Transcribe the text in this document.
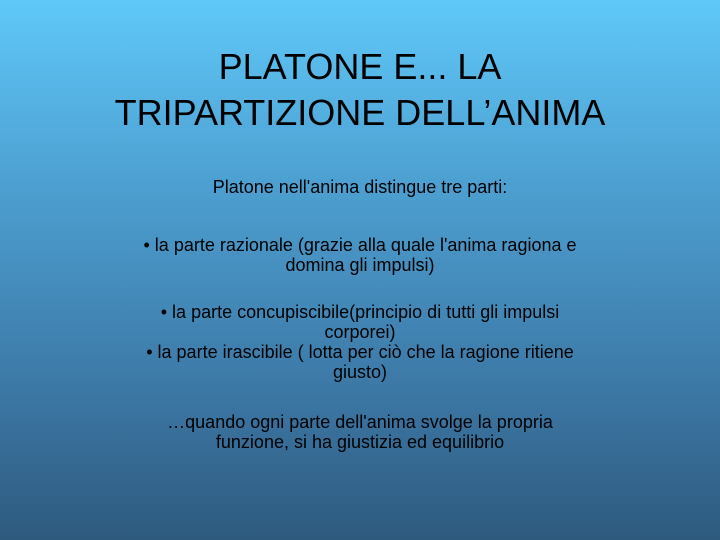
PLATONE E... LA
TRIPARTIZIONE DELL’ANIMA
Platone nell'anima distingue tre parti:
• la parte razionale (grazie alla quale l'anima ragiona e
domina gli impulsi)
• la parte concupiscibile(principio di tutti gli impulsi
corporei)
• la parte irascibile ( lotta per ciò che la ragione ritiene
giusto)
…quando ogni parte dell'anima svolge la propria
funzione, si ha giustizia ed equilibrio
